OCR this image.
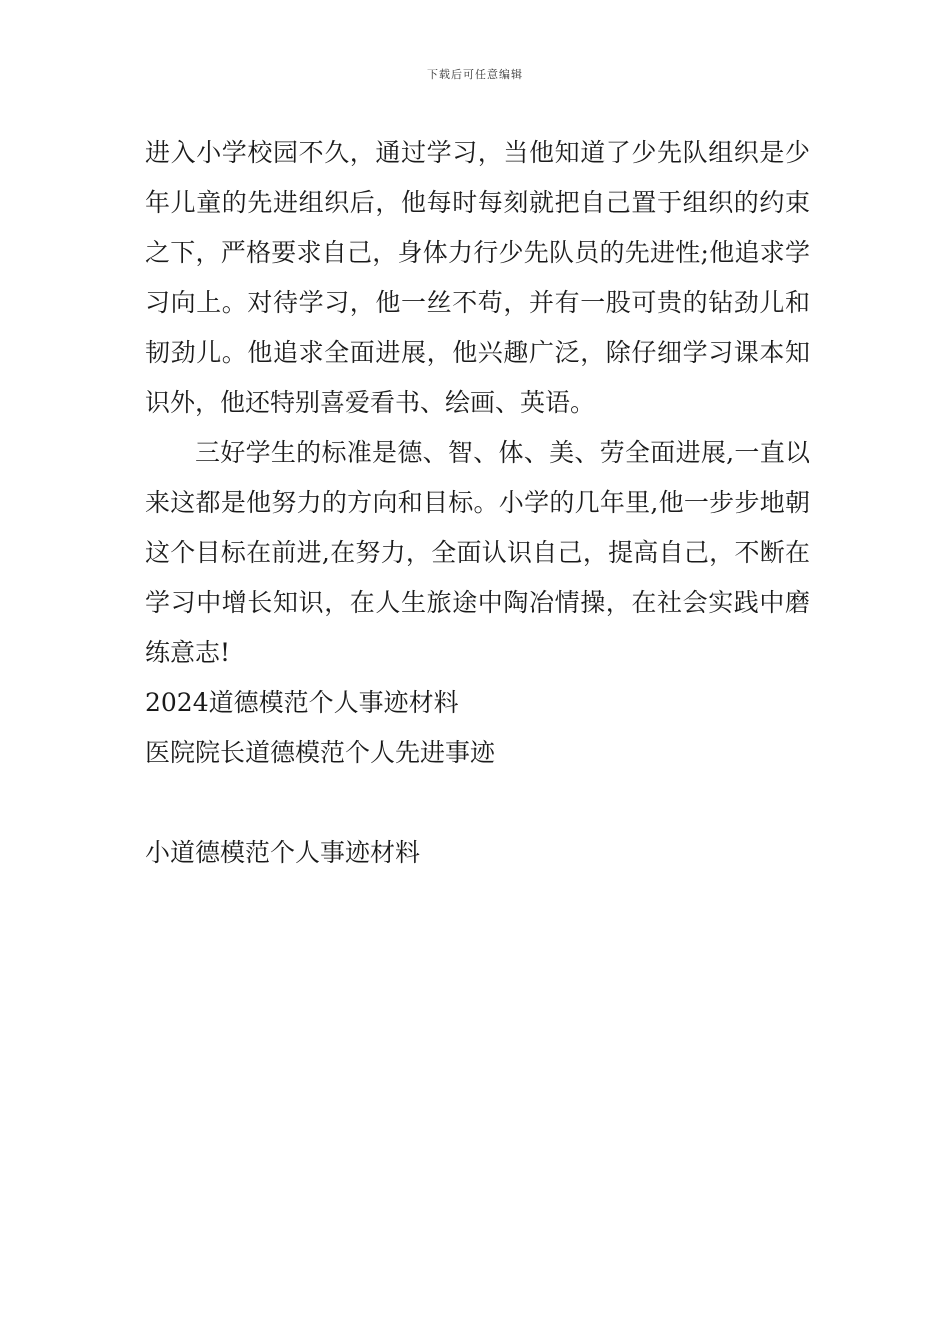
下载后可任意编辑

进入小学校园不久，通过学习，当他知道了少先队组织是少年儿童的先进组织后，他每时每刻就把自己置于组织的约束之下，严格要求自己，身体力行少先队员的先进性;他追求学习向上。对待学习，他一丝不苟，并有一股可贵的钻劲儿和韧劲儿。他追求全面进展，他兴趣广泛，除仔细学习课本知识外，他还特别喜爱看书、绘画、英语。

三好学生的标准是德、智、体、美、劳全面进展,一直以来这都是他努力的方向和目标。小学的几年里,他一步步地朝这个目标在前进,在努力，全面认识自己，提高自己，不断在学习中增长知识，在人生旅途中陶冶情操，在社会实践中磨练意志!

2024道德模范个人事迹材料

医院院长道德模范个人先进事迹

小道德模范个人事迹材料
